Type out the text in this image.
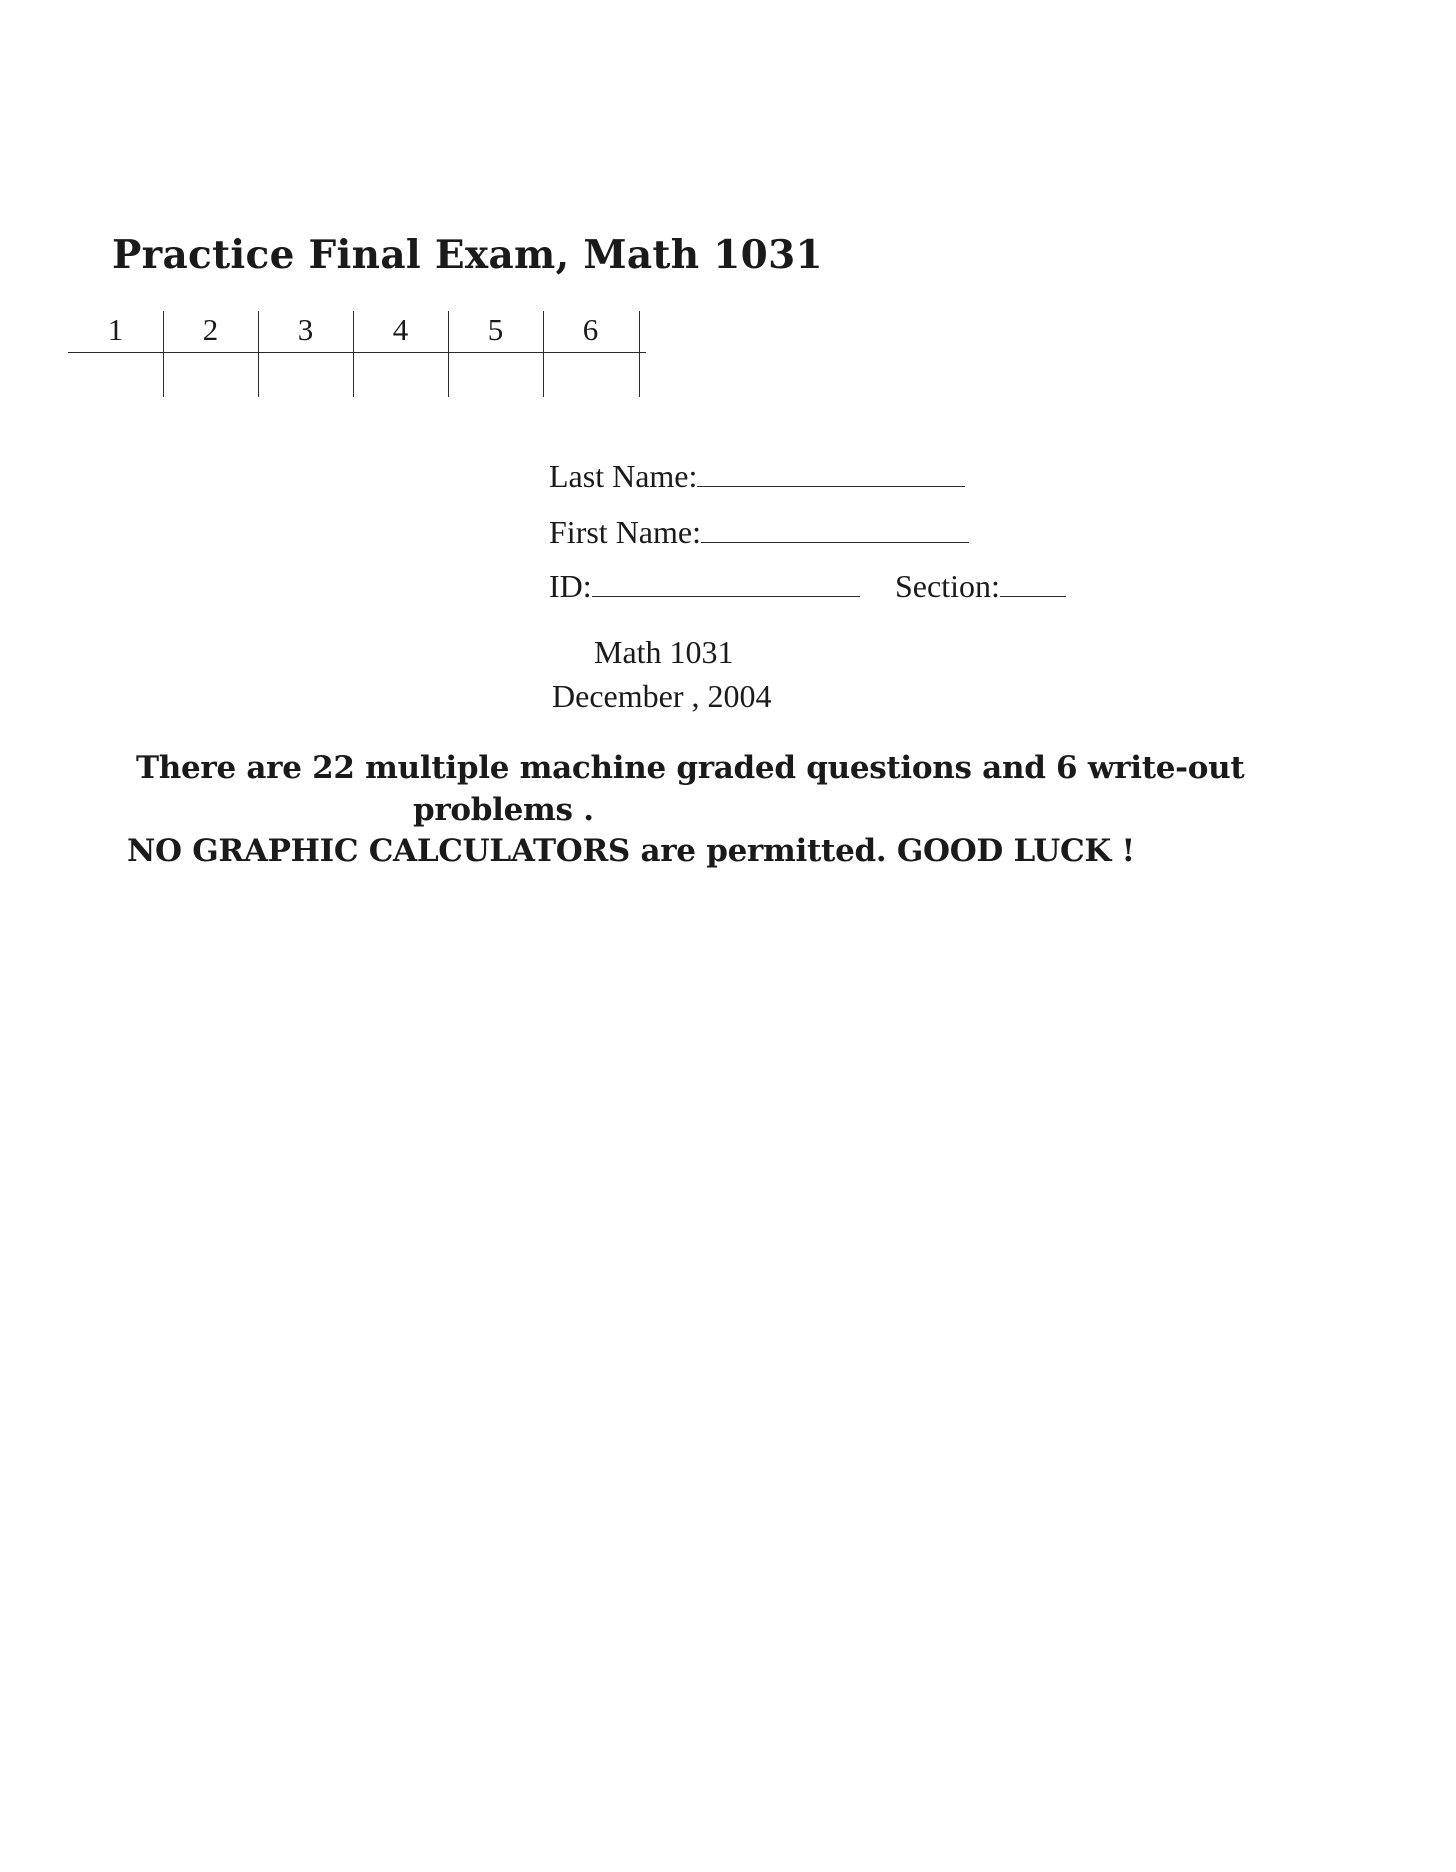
Practice Final Exam, Math 1031
1	2	3	4	5	6
Last Name:
First Name:
ID:	Section:
Math 1031
December , 2004
There are 22 multiple machine graded questions and 6 write-out
problems .
NO GRAPHIC CALCULATORS are permitted. GOOD LUCK !
